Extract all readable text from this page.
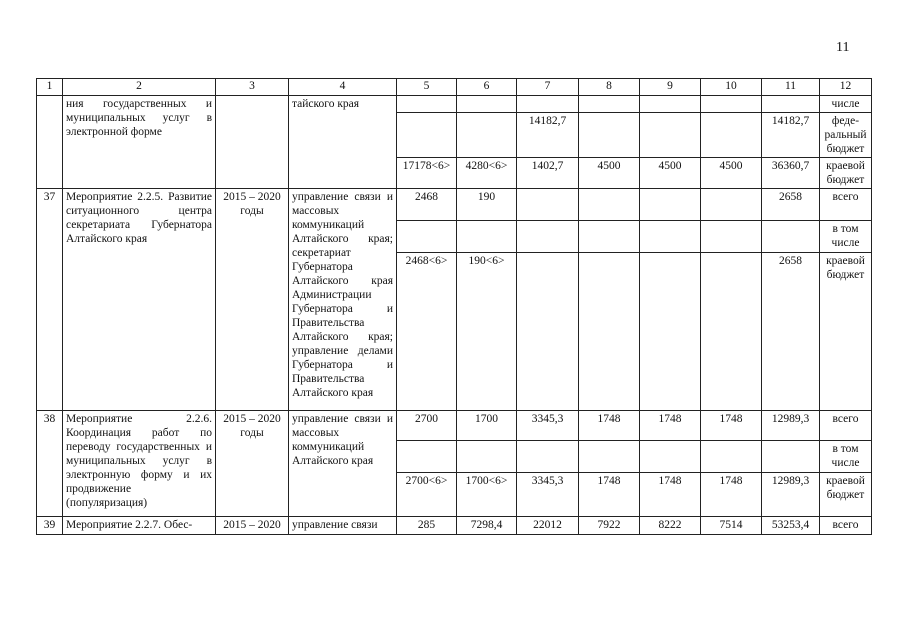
11
1	2	3	4	5	6	7	8	9	10	11	12
	ния государственных и муниципальных услуг в электронной форме		тайского края								числе
						14182,7				14182,7	феде-ральный бюджет
				17178<6>	4280<6>	1402,7	4500	4500	4500	36360,7	краевой бюджет
37	Мероприятие 2.2.5. Развитие ситуационного центра секретариата Губернатора Алтайского края	2015 – 2020 годы	управление связи и массовых коммуникаций Алтайского края; секретариат Губернатора Алтайского края Администрации Губернатора и Правительства Алтайского края; управление делами Губернатора и Правительства Алтайского края	2468	190					2658	всего
											в том числе
				2468<6>	190<6>					2658	краевой бюджет
38	Мероприятие 2.2.6. Координация работ по переводу государственных и муниципальных услуг в электронную форму и их продвижение (популяризация)	2015 – 2020 годы	управление связи и массовых коммуникаций Алтайского края	2700	1700	3345,3	1748	1748	1748	12989,3	всего
											в том числе
				2700<6>	1700<6>	3345,3	1748	1748	1748	12989,3	краевой бюджет
39	Мероприятие 2.2.7. Обес-	2015 – 2020	управление связи	285	7298,4	22012	7922	8222	7514	53253,4	всего
